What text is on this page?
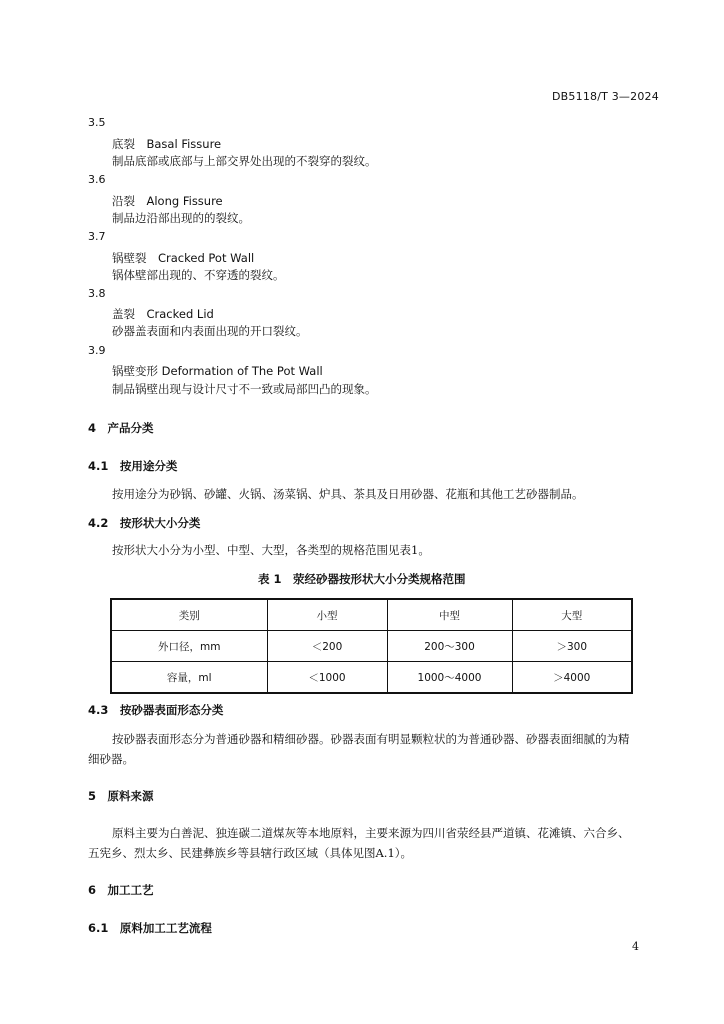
DB5118/T 3—2024
3.5
底裂　Basal Fissure
制品底部或底部与上部交界处出现的不裂穿的裂纹。
3.6
沿裂　Along Fissure
制品边沿部出现的的裂纹。
3.7
锅壁裂　Cracked Pot Wall
锅体壁部出现的、不穿透的裂纹。
3.8
盖裂　Cracked Lid
砂器盖表面和内表面出现的开口裂纹。
3.9
锅壁变形 Deformation of The Pot Wall
制品锅壁出现与设计尺寸不一致或局部凹凸的现象。
4　产品分类
4.1　按用途分类
按用途分为砂锅、砂罐、火锅、汤菜锅、炉具、茶具及日用砂器、花瓶和其他工艺砂器制品。
4.2　按形状大小分类
按形状大小分为小型、中型、大型，各类型的规格范围见表1。
表 1　荥经砂器按形状大小分类规格范围
类别	小型	中型	大型
外口径，mm	＜200	200～300	＞300
容量，ml	＜1000	1000～4000	＞4000
4.3　按砂器表面形态分类
按砂器表面形态分为普通砂器和精细砂器。砂器表面有明显颗粒状的为普通砂器、砂器表面细腻的为精细砂器。
5　原料来源
原料主要为白善泥、独连碳二道煤灰等本地原料，主要来源为四川省荥经县严道镇、花滩镇、六合乡、五宪乡、烈太乡、民建彝族乡等县辖行政区域（具体见图A.1）。
6　加工工艺
6.1　原料加工工艺流程
4
